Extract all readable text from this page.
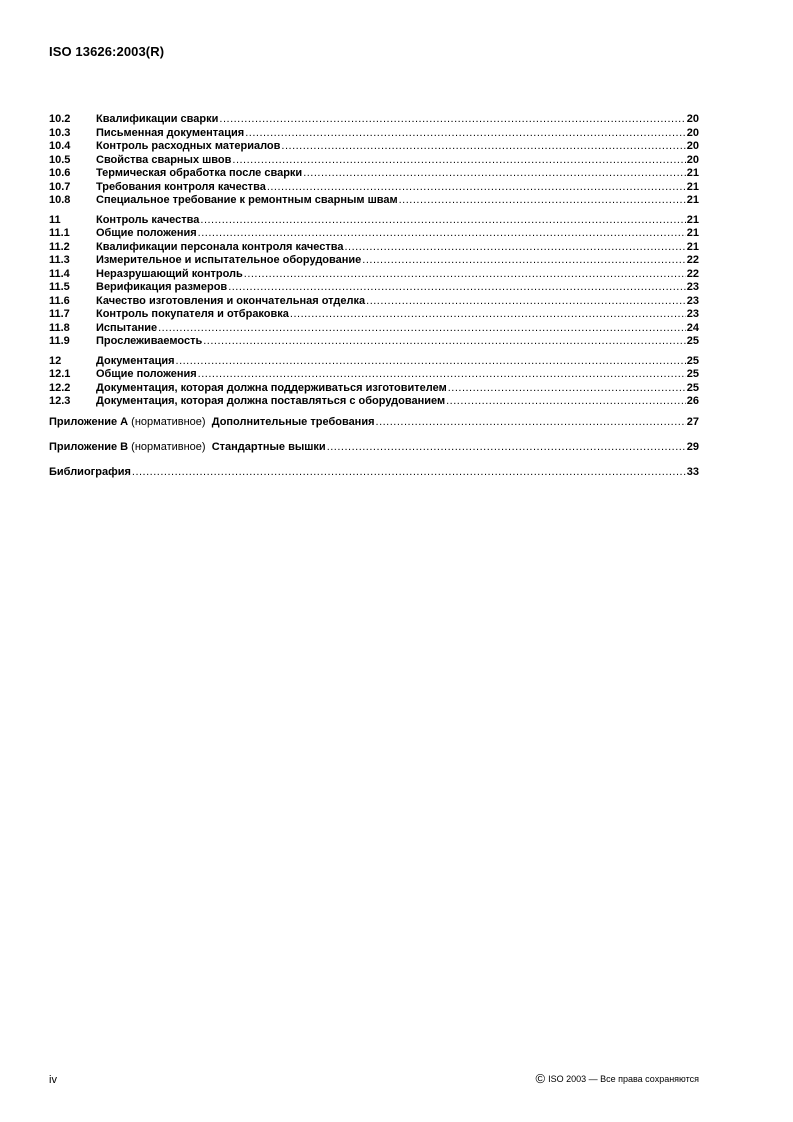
ISO 13626:2003(R)
10.2	Квалификации сварки .....	20
10.3	Письменная документация .....	20
10.4	Контроль расходных материалов .....	20
10.5	Свойства сварных швов .....	20
10.6	Термическая обработка после сварки .....	21
10.7	Требования контроля качества .....	21
10.8	Специальное требование к ремонтным сварным швам .....	21
11	Контроль качества .....	21
11.1	Общие положения .....	21
11.2	Квалификации персонала контроля качества .....	21
11.3	Измерительное и испытательное оборудование .....	22
11.4	Неразрушающий контроль .....	22
11.5	Верификация размеров .....	23
11.6	Качество изготовления и окончательная отделка .....	23
11.7	Контроль покупателя и отбраковка .....	23
11.8	Испытание .....	24
11.9	Прослеживаемость .....	25
12	Документация .....	25
12.1	Общие положения .....	25
12.2	Документация, которая должна поддерживаться изготовителем .....	25
12.3	Документация, которая должна поставляться с оборудованием .....	26
Приложение А
(нормативное)
Дополнительные требования .....	27
Приложение B
(нормативное)
Стандартные вышки .....	29
Библиография .....	33
iv	© ISO 2003 — Все права сохраняются
